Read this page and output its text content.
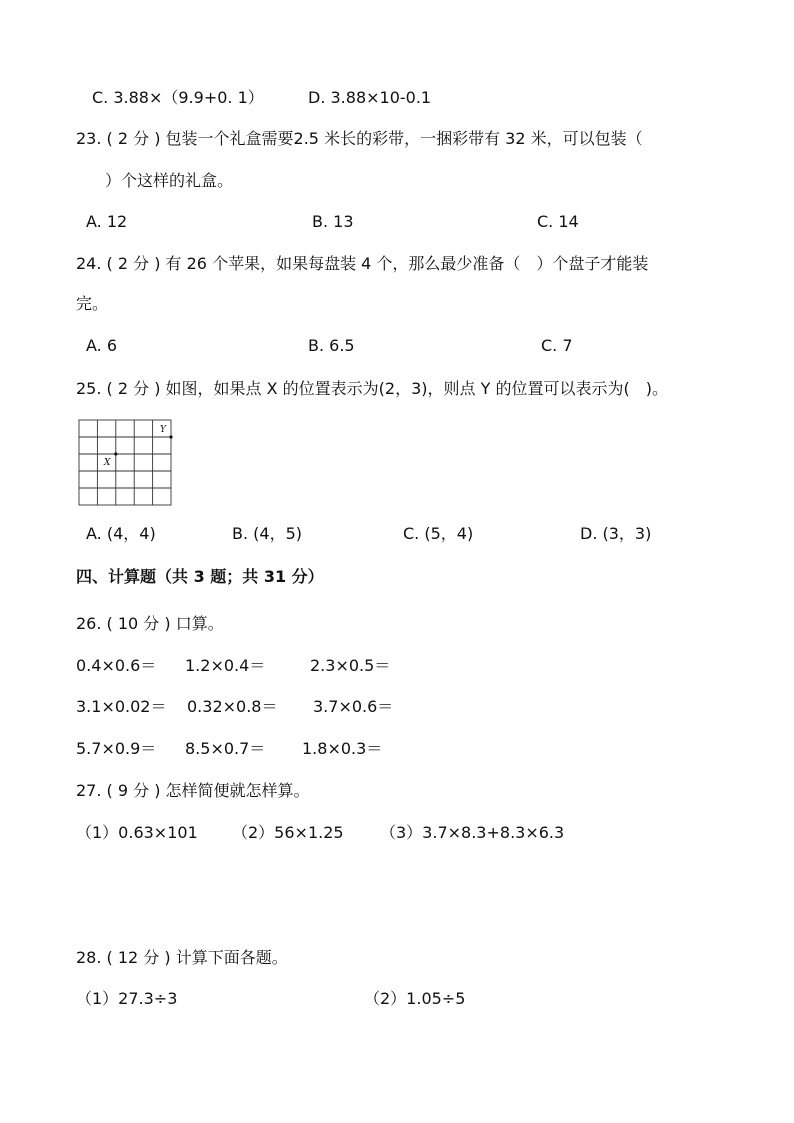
C. 3.88×（9.9+0. 1）	D. 3.88×10-0.1
23. ( 2 分 ) 包装一个礼盒需要2.5 米长的彩带，一捆彩带有 32 米，可以包装（
）个这样的礼盒。
A. 12	B. 13	C. 14
24. ( 2 分 ) 有 26 个苹果，如果每盘装 4 个，那么最少准备（　）个盘子才能装
完。
A. 6	B. 6.5	C. 7
25. ( 2 分 ) 如图，如果点 X 的位置表示为(2，3)，则点 Y 的位置可以表示为(　)。
X
Y
A. (4，4)	B. (4，5)	C. (5，4)	D. (3，3)
四、计算题（共 3 题；共 31 分）
26. ( 10 分 ) 口算。
0.4×0.6＝ 1.2×0.4＝	2.3×0.5＝
3.1×0.02＝ 0.32×0.8＝ 3.7×0.6＝
5.7×0.9＝ 8.5×0.7＝ 1.8×0.3＝
27. ( 9 分 ) 怎样简便就怎样算。
（1）0.63×101 （2）56×1.25 （3）3.7×8.3+8.3×6.3
28. ( 12 分 ) 计算下面各题。
（1）27.3÷3	（2）1.05÷5
